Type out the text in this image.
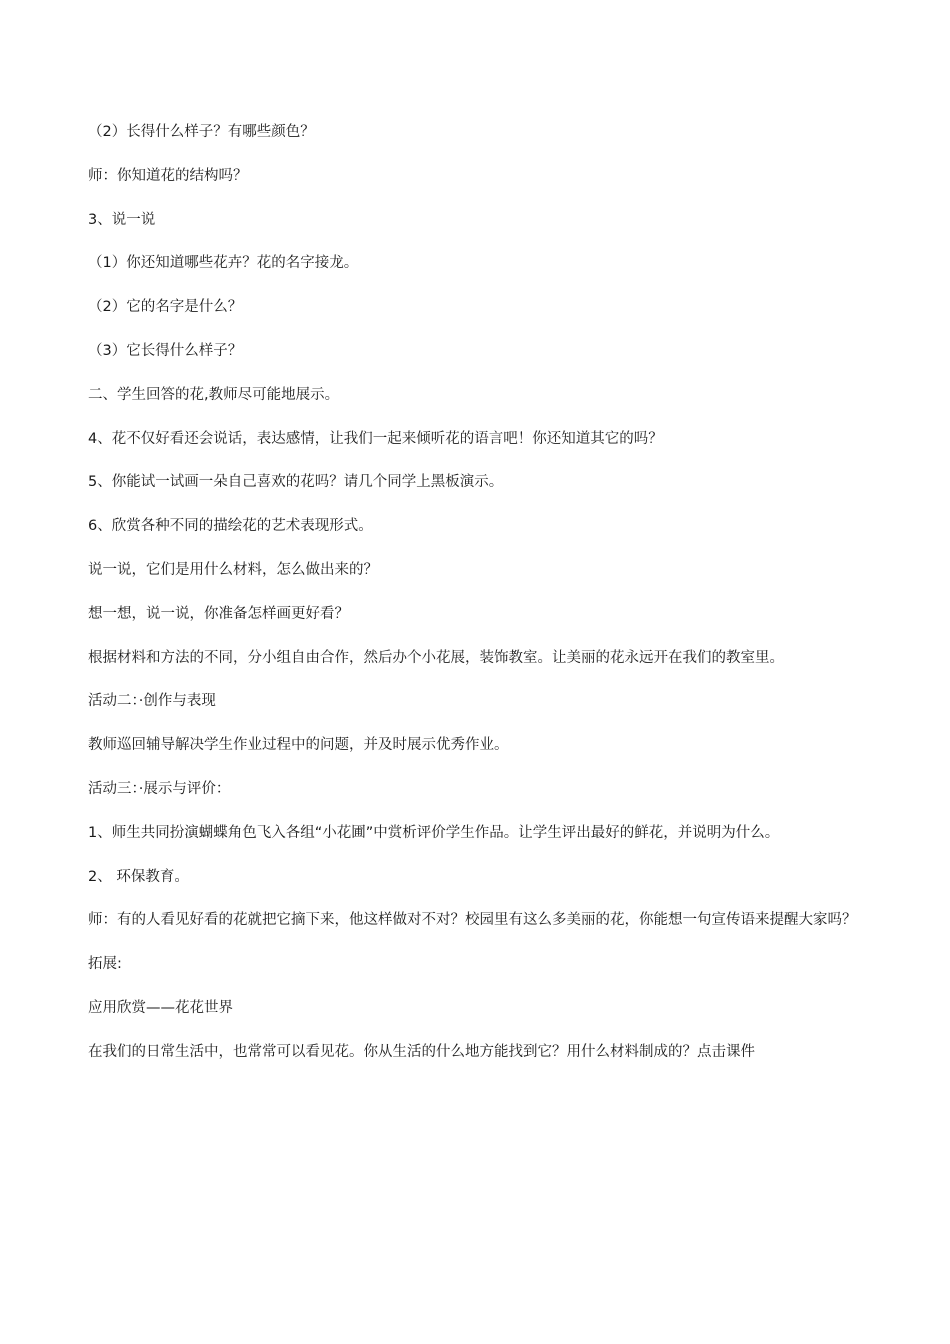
（2）长得什么样子？有哪些颜色？

师：你知道花的结构吗？

3、说一说

（1）你还知道哪些花卉？花的名字接龙。

（2）它的名字是什么？

（3）它长得什么样子？

二、学生回答的花,教师尽可能地展示。

4、花不仅好看还会说话，表达感情，让我们一起来倾听花的语言吧！你还知道其它的吗？

5、你能试一试画一朵自己喜欢的花吗？请几个同学上黑板演示。

6、欣赏各种不同的描绘花的艺术表现形式。

说一说，它们是用什么材料，怎么做出来的？

想一想，说一说，你准备怎样画更好看？

根据材料和方法的不同，分小组自由合作，然后办个小花展，装饰教室。让美丽的花永远开在我们的教室里。

活动二：·创作与表现

教师巡回辅导解决学生作业过程中的问题，并及时展示优秀作业。

活动三：·展示与评价：

1、师生共同扮演蝴蝶角色飞入各组“小花圃”中赏析评价学生作品。让学生评出最好的鲜花，并说明为什么。

2、 环保教育。

师：有的人看见好看的花就把它摘下来，他这样做对不对？校园里有这么多美丽的花，你能想一句宣传语来提醒大家吗？

拓展:

应用欣赏——花花世界

在我们的日常生活中，也常常可以看见花。你从生活的什么地方能找到它？用什么材料制成的？点击课件
